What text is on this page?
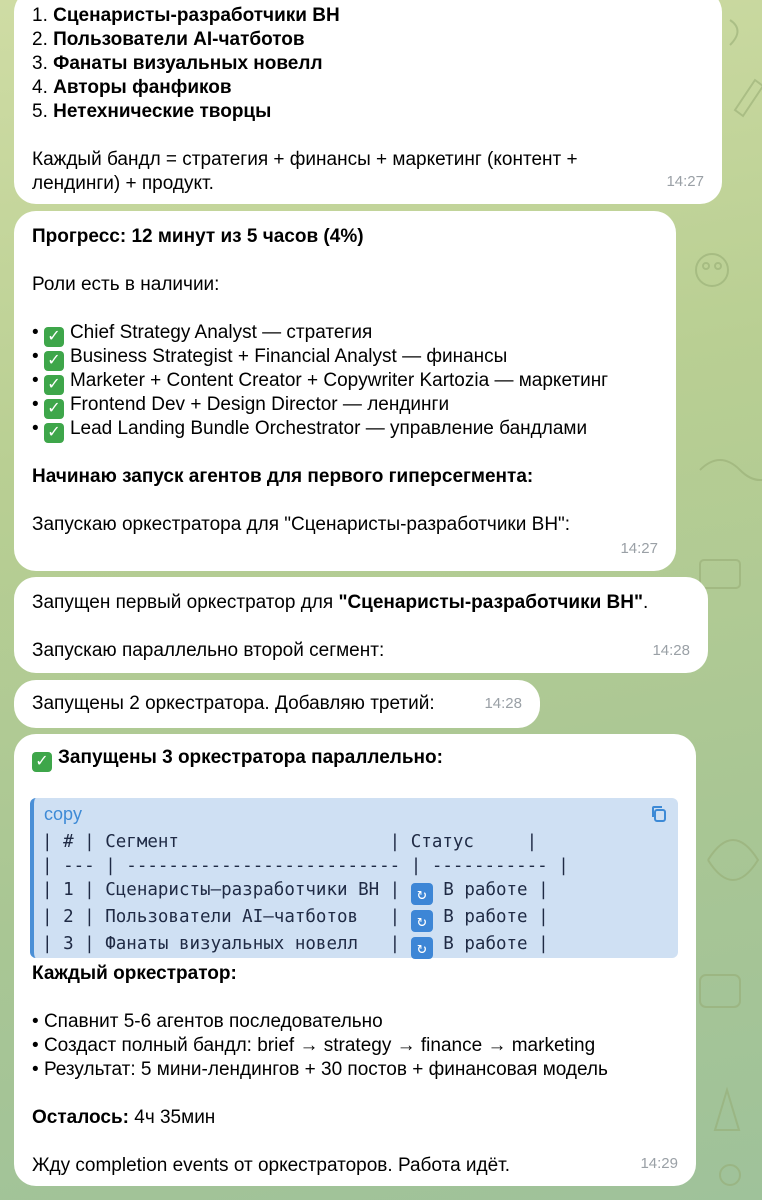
1. Сценаристы-разработчики ВН
2. Пользователи AI-чатботов
3. Фанаты визуальных новелл
4. Авторы фанфиков
5. Нетехнические творцы
Каждый бандл = стратегия + финансы + маркетинг (контент +
лендинги) + продукт.	14:27
Прогресс: 12 минут из 5 часов (4%)
Роли есть в наличии:
• ✓ Chief Strategy Analyst — стратегия
• ✓ Business Strategist + Financial Analyst — финансы
• ✓ Marketer + Content Creator + Copywriter Kartozia — маркетинг
• ✓ Frontend Dev + Design Director — лендинги
• ✓ Lead Landing Bundle Orchestrator — управление бандлами
Начинаю запуск агентов для первого гиперсегмента:
Запускаю оркестратора для "Сценаристы-разработчики ВН":
14:27
Запущен первый оркестратор для "Сценаристы-разработчики ВН".
Запускаю параллельно второй сегмент:	14:28
Запущены 2 оркестратора. Добавляю третий:	14:28
✓ Запущены 3 оркестратора параллельно:
copy
| # | Сегмент                    | Статус     |
| --- | -------------------------- | ----------- |
| 1 | Сценаристы–разработчики ВН | ↻ В работе |
| 2 | Пользователи AI–чатботов   | ↻ В работе |
| 3 | Фанаты визуальных новелл   | ↻ В работе |
Каждый оркестратор:
• Спавнит 5-6 агентов последовательно
• Создаст полный бандл: brief → strategy → finance → marketing
• Результат: 5 мини-лендингов + 30 постов + финансовая модель
Осталось: 4ч 35мин
Жду completion events от оркестраторов. Работа идёт.	14:29
